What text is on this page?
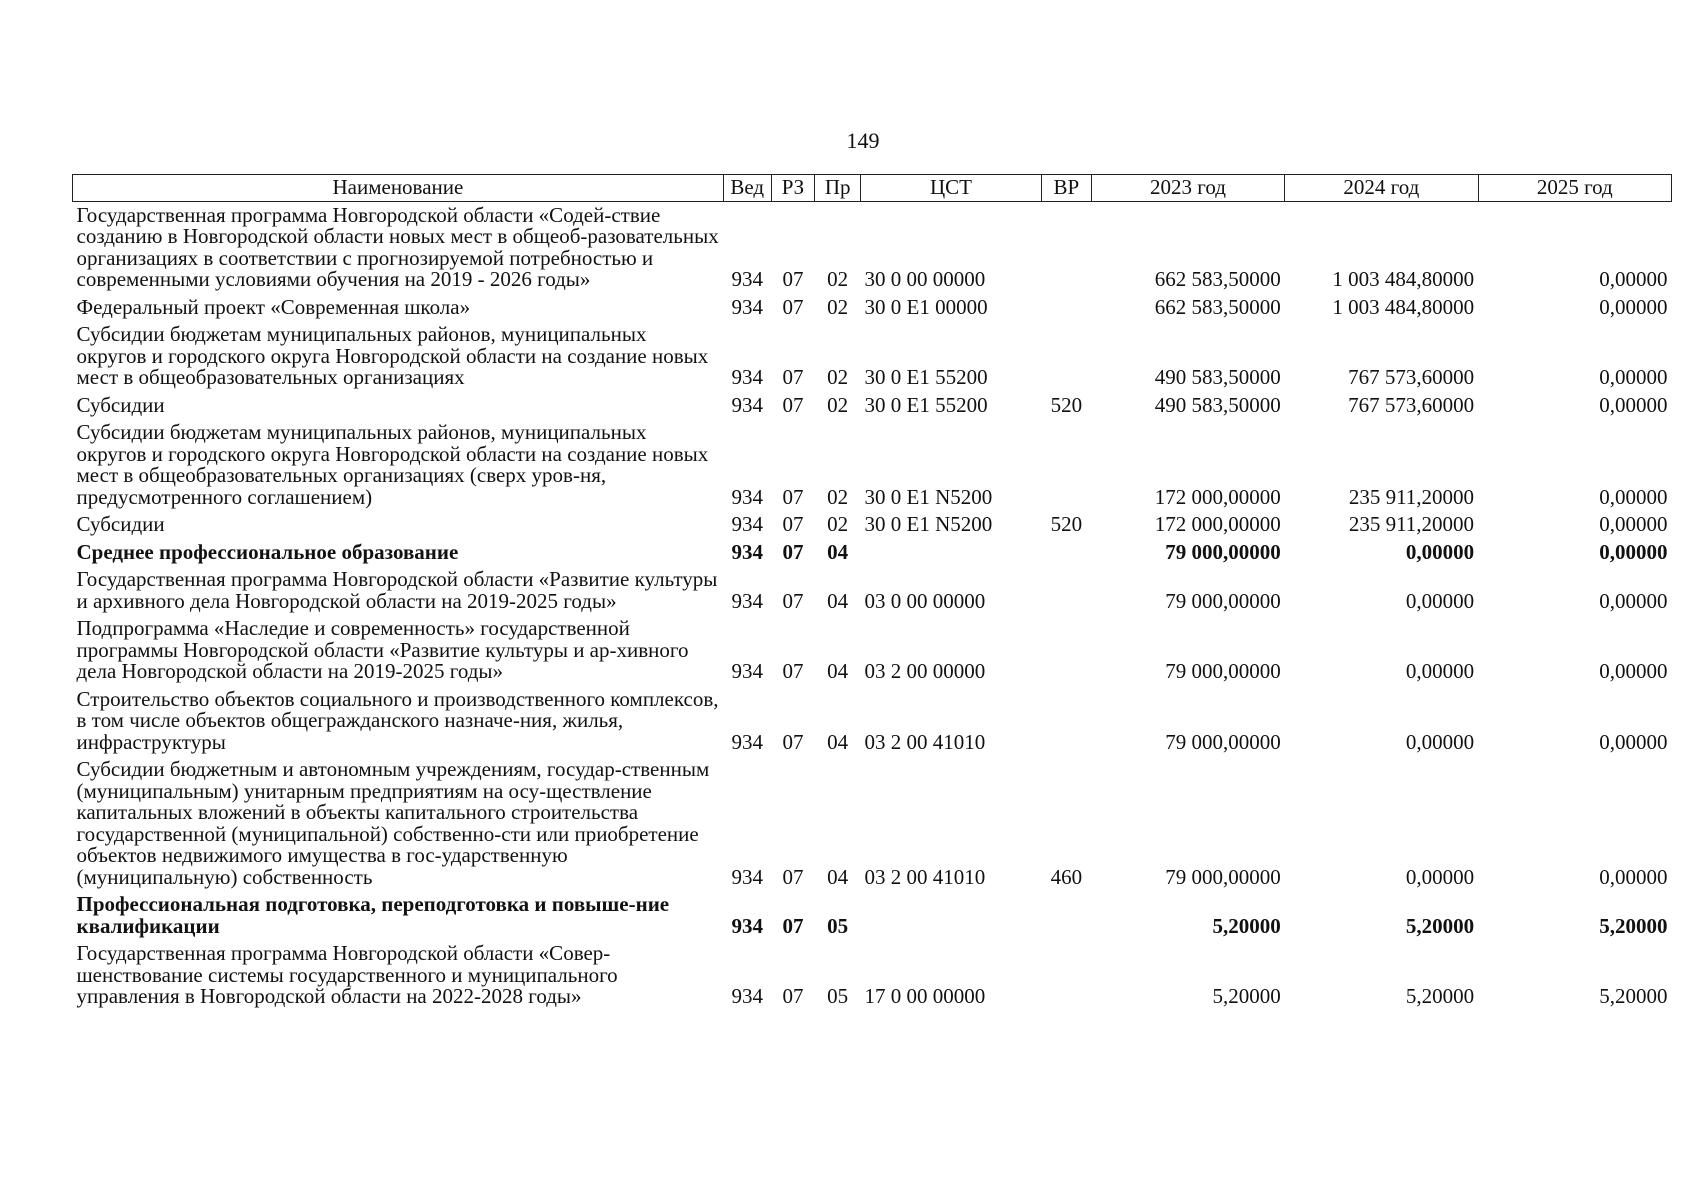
149
Наименование	Вед	РЗ	Пр	ЦСТ	ВР	2023 год	2024 год	2025 год
Государственная программа Новгородской области «Содей-ствие созданию в Новгородской области новых мест в общеоб-разовательных организациях в соответствии с прогнозируемой потребностью и современными условиями обучения на 2019 - 2026 годы»	934	07	02	30 0 00 00000		662 583,50000	1 003 484,80000	0,00000
Федеральный проект «Современная школа»	934	07	02	30 0 E1 00000		662 583,50000	1 003 484,80000	0,00000
Субсидии бюджетам муниципальных районов, муниципальных округов и городского округа Новгородской области на создание новых мест в общеобразовательных организациях	934	07	02	30 0 E1 55200		490 583,50000	767 573,60000	0,00000
Субсидии	934	07	02	30 0 E1 55200	520	490 583,50000	767 573,60000	0,00000
Субсидии бюджетам муниципальных районов, муниципальных округов и городского округа Новгородской области на создание новых мест в общеобразовательных организациях (сверх уров-ня, предусмотренного соглашением)	934	07	02	30 0 E1 N5200		172 000,00000	235 911,20000	0,00000
Субсидии	934	07	02	30 0 E1 N5200	520	172 000,00000	235 911,20000	0,00000
Среднее профессиональное образование	934	07	04			79 000,00000	0,00000	0,00000
Государственная программа Новгородской области «Развитие культуры и архивного дела Новгородской области на 2019-2025 годы»	934	07	04	03 0 00 00000		79 000,00000	0,00000	0,00000
Подпрограмма «Наследие и современность» государственной программы Новгородской области «Развитие культуры и ар-хивного дела Новгородской области на 2019-2025 годы»	934	07	04	03 2 00 00000		79 000,00000	0,00000	0,00000
Строительство объектов социального и производственного комплексов, в том числе объектов общегражданского назначе-ния, жилья, инфраструктуры	934	07	04	03 2 00 41010		79 000,00000	0,00000	0,00000
Субсидии бюджетным и автономным учреждениям, государ-ственным (муниципальным) унитарным предприятиям на осу-ществление капитальных вложений в объекты капитального строительства государственной (муниципальной) собственно-сти или приобретение объектов недвижимого имущества в гос-ударственную (муниципальную) собственность	934	07	04	03 2 00 41010	460	79 000,00000	0,00000	0,00000
Профессиональная подготовка, переподготовка и повыше-ние квалификации	934	07	05			5,20000	5,20000	5,20000
Государственная программа Новгородской области «Совер-шенствование системы государственного и муниципального управления в Новгородской области на 2022-2028 годы»	934	07	05	17 0 00 00000		5,20000	5,20000	5,20000
